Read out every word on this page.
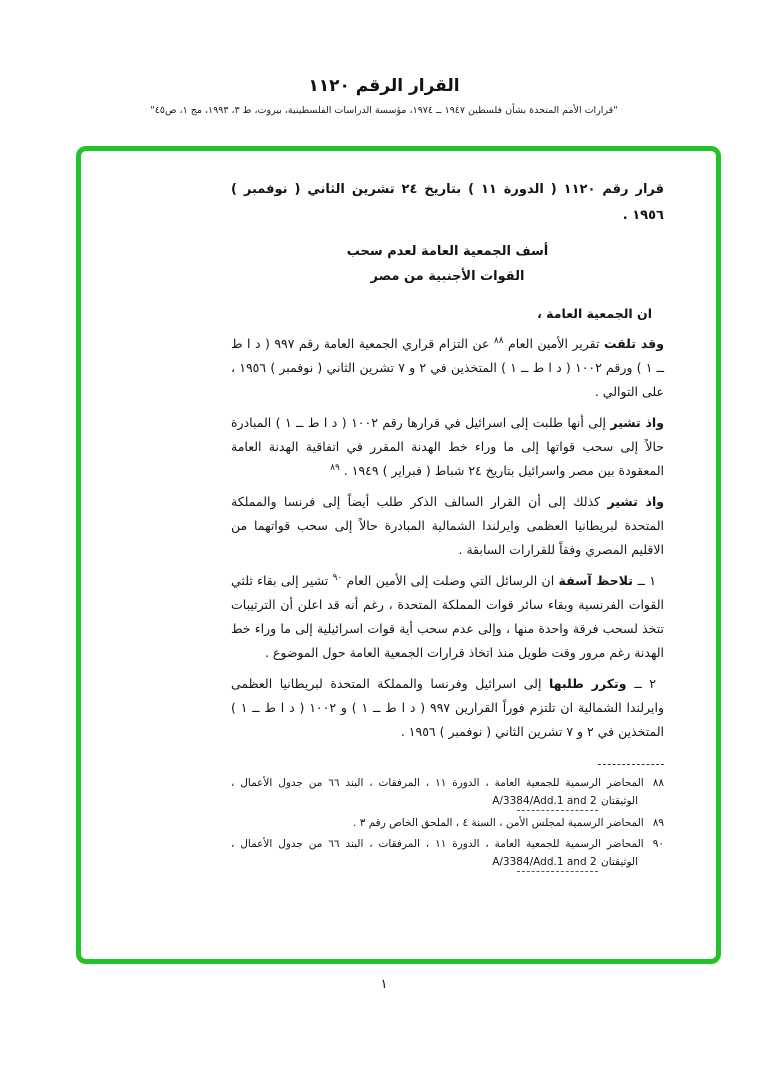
القرار الرقم ١١٢٠
"قرارات الأمم المتحدة بشأن فلسطين ١٩٤٧ ــ ١٩٧٤، مؤسسة الدراسات الفلسطينية، بيروت، ط ٣، ١٩٩٣، مج ١، ص٤٥"

قرار رقم ١١٢٠ ( الدورة ١١ ) بتاريخ ٢٤ تشرين الثاني ( نوفمبر ) ١٩٥٦ .

أسف الجمعية العامة لعدم سحب

القوات الأجنبية من مصر

ان الجمعية العامة ،

وقد تلقت تقرير الأمين العام $^{٨٨}$ عن التزام قراري الجمعية العامة رقم ٩٩٧ ( د ا ط ــ ١ ) ورقم ١٠٠٢ ( د ا ط ــ ١ ) المتخذين في ٢ و ٧ تشرين الثاني ( نوفمبر ) ١٩٥٦ ، على التوالي .

واذ تشير إلى أنها طلبت إلى اسرائيل في قرارها رقم ١٠٠٢ ( د ا ط ــ ١ ) المبادرة حالاً إلى سحب قواتها إلى ما وراء خط الهدنة المقرر في اتفاقية الهدنة العامة المعقودة بين مصر واسرائيل بتاريخ ٢٤ شباط ( فبراير ) ١٩٤٩ . $^{٨٩}$

واذ تشير كذلك إلى أن القرار السالف الذكر طلب أيضاً إلى فرنسا والمملكة المتحدة لبريطانيا العظمى وايرلندا الشمالية المبادرة حالاً إلى سحب قواتهما من الاقليم المصري وفقاً للقرارات السابقة .

١ ــ تلاحظ آسفة ان الرسائل التي وصلت إلى الأمين العام $^{٩٠}$ تشير إلى بقاء ثلثي القوات الفرنسية وبقاء سائر قوات المملكة المتحدة ، رغم أنه قد اعلن أن الترتيبات تتخذ لسحب فرقة واحدة منها ، وإلى عدم سحب أية قوات اسرائيلية إلى ما وراء خط الهدنة رغم مرور وقت طويل منذ اتخاذ قرارات الجمعية العامة حول الموضوع .

٢ ــ وتكرر طلبها إلى اسرائيل وفرنسا والمملكة المتحدة لبريطانيا العظمى وايرلندا الشمالية ان تلتزم فوراً القرارين ٩٩٧ ( د ا ط ــ ١ ) و ١٠٠٢ ( د ا ط ــ ١ ) المتخذين في ٢ و ٧ تشرين الثاني ( نوفمبر ) ١٩٥٦ .

٨٨المحاضر الرسمية للجمعية العامة ، الدورة ١١ ، المرفقات ، البند ٦٦ من جدول الأعمال ، الوثيقتان A/3384/Add.1 and 2
٨٩المحاضر الرسمية لمجلس الأمن ، السنة ٤ ، الملحق الخاص رقم ٣ .
٩٠المحاضر الرسمية للجمعية العامة ، الدورة ١١ ، المرفقات ، البند ٦٦ من جدول الأعمال ، الوثيقتان A/3384/Add.1 and 2
١
